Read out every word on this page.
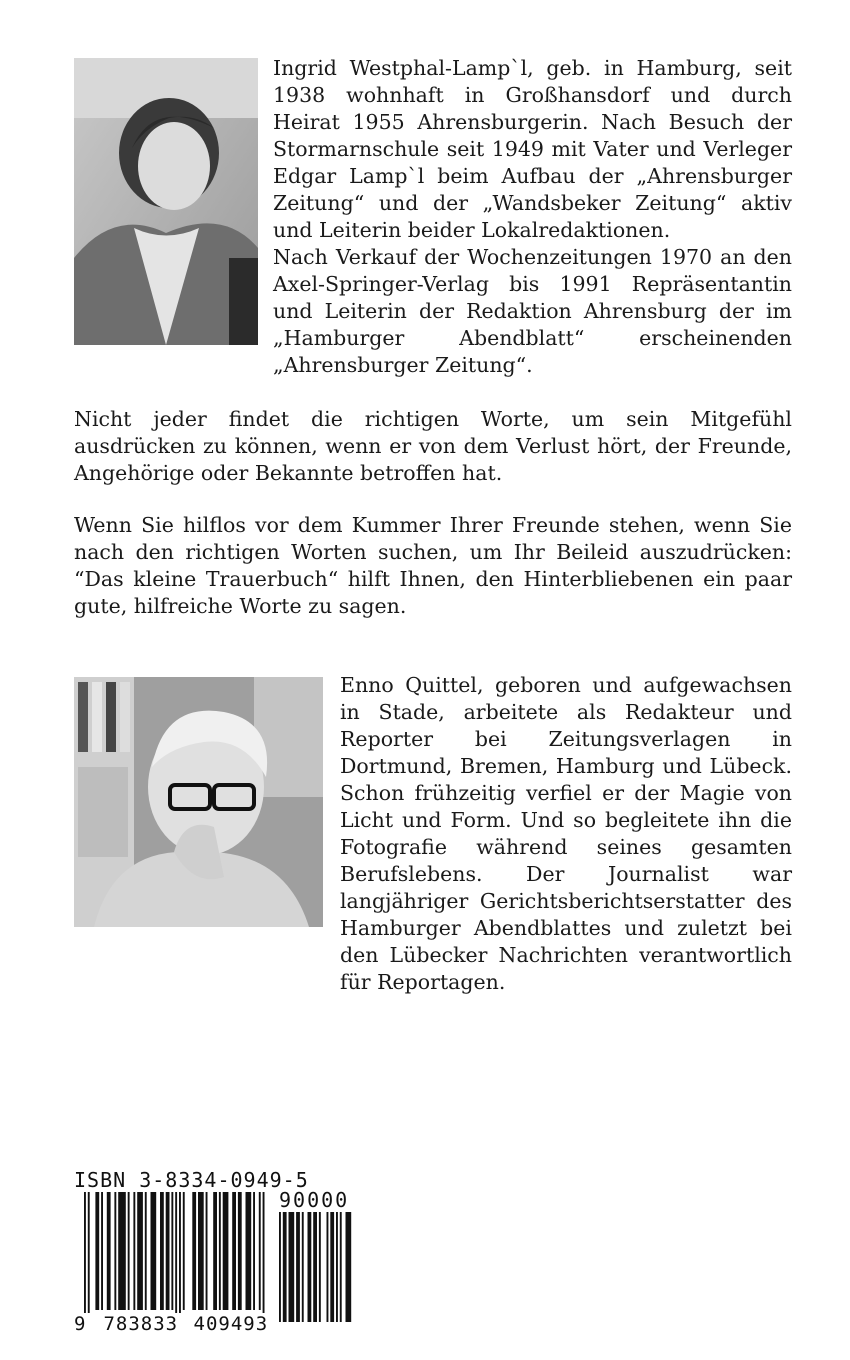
Ingrid Westphal-Lamp`l, geb. in Hamburg, seit 1938 wohnhaft in Großhansdorf und durch Heirat 1955 Ahrensburgerin. Nach Besuch der Stormarnschule seit 1949 mit Vater und Verleger Edgar Lamp`l beim Aufbau der „Ahrensburger Zeitung“ und der „Wandsbeker Zeitung“ aktiv und Leiterin beider Lokalredaktionen.

Nach Verkauf der Wochenzeitungen 1970 an den Axel-Springer-Verlag bis 1991 Repräsentantin und Leiterin der Redaktion Ahrensburg der im „Hamburger Abendblatt“ erscheinenden „Ahrensburger Zeitung“.

Nicht jeder findet die richtigen Worte, um sein Mitgefühl ausdrücken zu können, wenn er von dem Verlust hört, der Freunde, Angehörige oder Bekannte betroffen hat.

Wenn Sie hilflos vor dem Kummer Ihrer Freunde stehen, wenn Sie nach den richtigen Worten suchen, um Ihr Beileid auszudrücken: “Das kleine Trauerbuch“ hilft Ihnen, den Hinterbliebenen ein paar gute, hilfreiche Worte zu sagen.

Enno Quittel, geboren und aufgewachsen in Stade, arbeitete als Redakteur und Reporter bei Zeitungsverlagen in Dortmund, Bremen, Hamburg und Lübeck. Schon frühzeitig verfiel er der Magie von Licht und Form. Und so begleitete ihn die Fotografie während seines gesamten Berufslebens. Der Journalist war langjähriger Gerichtsberichtserstatter des Hamburger Abendblattes und zuletzt bei den Lübecker Nachrichten verantwortlich für Reportagen.

ISBN 3-8334-0949-5
90000
9 783833 409493
